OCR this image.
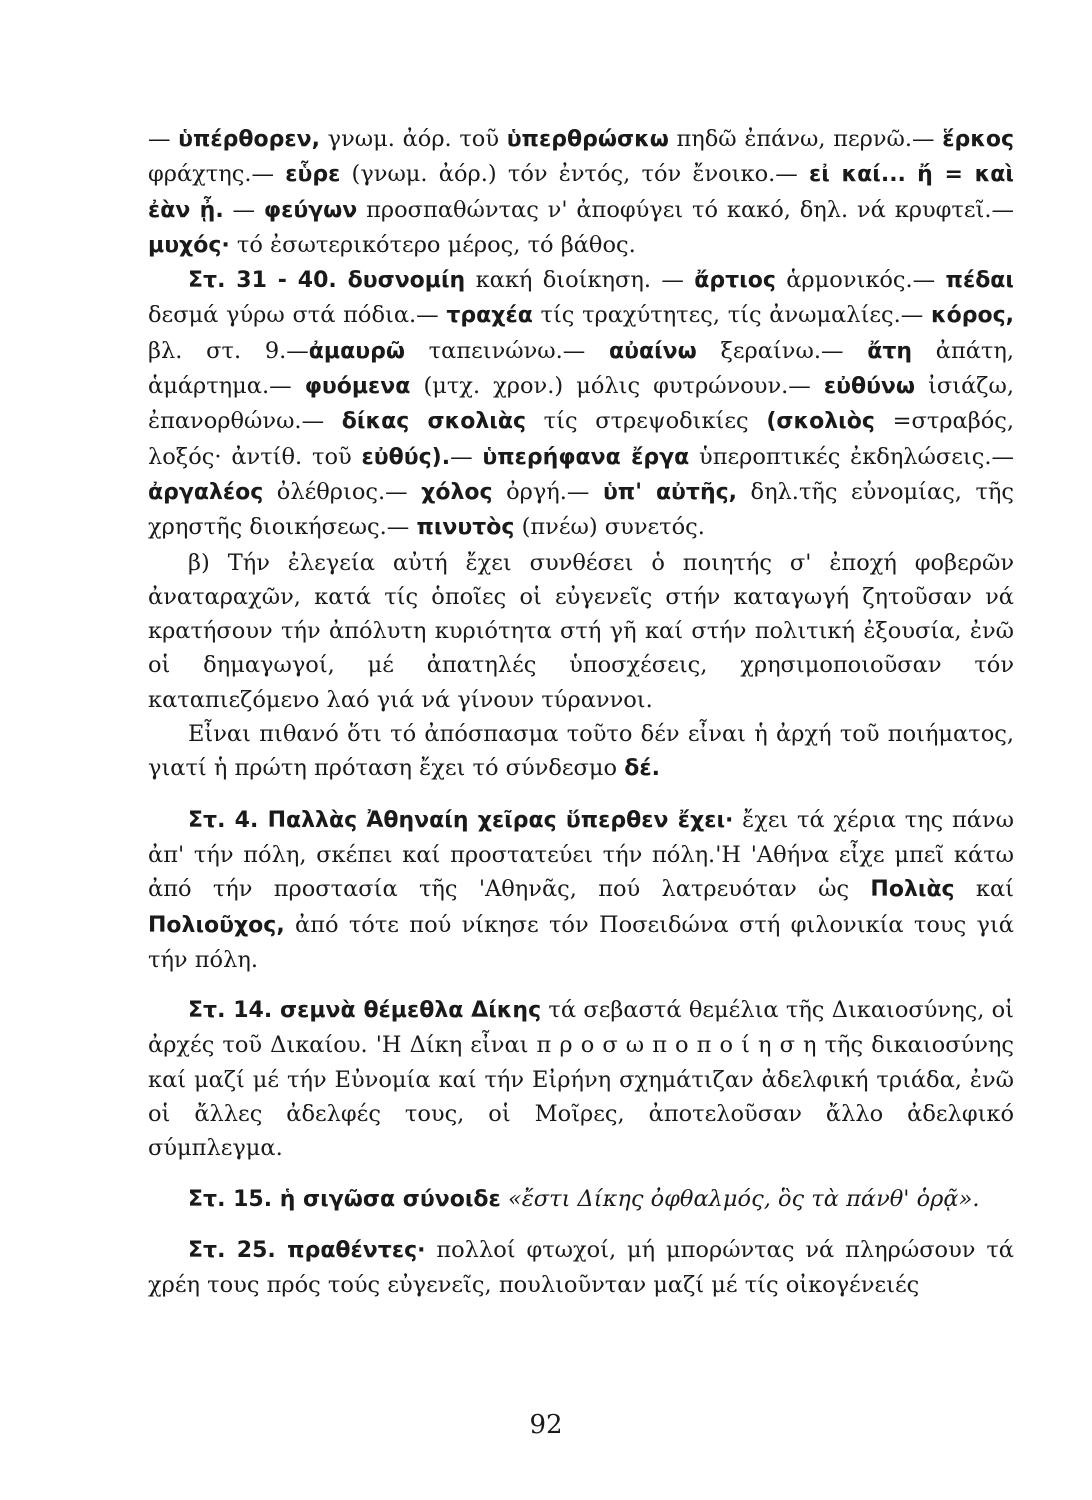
— ὑπέρθορεν, γνωμ. ἀόρ. τοῦ ὑπερθρώσκω πηδῶ ἐπάνω, περνῶ.— ἕρκος φράχτης.— εὗρε (γνωμ. ἀόρ.) τόν ἐντός, τόν ἔνοικο.— εἰ καί... ἤ = καὶ ἐὰν ᾖ. — φεύγων προσπαθώντας ν' ἀποφύγει τό κακό, δηλ. νά κρυφτεῖ.— μυχός· τό ἐσωτερικότερο μέρος, τό βάθος.

Στ. 31 - 40. δυσνομίη κακή διοίκηση. — ἄρτιος ἁρμονικός.— πέδαι δεσμά γύρω στά πόδια.— τραχέα τίς τραχύτητες, τίς ἀνωμαλίες.— κόρος, βλ. στ. 9.—ἀμαυρῶ ταπεινώνω.— αὐαίνω ξεραίνω.— ἄτη ἀπάτη, ἁμάρτημα.— φυόμενα (μτχ. χρον.) μόλις φυτρώνουν.— εὐθύνω ἰσιάζω, ἐπανορθώνω.— δίκας σκολιὰς τίς στρεψοδικίες (σκολιὸς =στραβός, λοξός· ἀντίθ. τοῦ εὐθύς).— ὑπερήφανα ἔργα ὑπεροπτικές ἐκδηλώσεις.— ἀργαλέος ὀλέθριος.— χόλος ὀργή.— ὑπ' αὐτῆς, δηλ.τῆς εὐνομίας, τῆς χρηστῆς διοικήσεως.— πινυτὸς (πνέω) συνετός.

β) Τήν ἐλεγεία αὐτή ἔχει συνθέσει ὁ ποιητής σ' ἐποχή φοβερῶν ἀναταραχῶν, κατά τίς ὁποῖες οἱ εὐγενεῖς στήν καταγωγή ζητοῦσαν νά κρατήσουν τήν ἀπόλυτη κυριότητα στή γῆ καί στήν πολιτική ἐξουσία, ἐνῶ οἱ δημαγωγοί, μέ ἀπατηλές ὑποσχέσεις, χρησιμοποιοῦσαν τόν καταπιεζόμενο λαό γιά νά γίνουν τύραννοι.

Εἶναι πιθανό ὅτι τό ἀπόσπασμα τοῦτο δέν εἶναι ἡ ἀρχή τοῦ ποιήματος, γιατί ἡ πρώτη πρόταση ἔχει τό σύνδεσμο δέ.

Στ. 4. Παλλὰς Ἀθηναίη χεῖρας ὕπερθεν ἔχει· ἔχει τά χέρια της πάνω ἀπ' τήν πόλη, σκέπει καί προστατεύει τήν πόλη.'Η 'Αθήνα εἶχε μπεῖ κάτω ἀπό τήν προστασία τῆς 'Αθηνᾶς, πού λατρευόταν ὡς Πολιὰς καί Πολιοῦχος, ἀπό τότε πού νίκησε τόν Ποσειδώνα στή φιλονικία τους γιά τήν πόλη.

Στ. 14. σεμνὰ θέμεθλα Δίκης τά σεβαστά θεμέλια τῆς Δικαιοσύνης, οἱ ἀρχές τοῦ Δικαίου. 'Η Δίκη εἶναι π ρ ο σ ω π ο π ο ί η σ η τῆς δικαιοσύνης καί μαζί μέ τήν Εὐνομία καί τήν Εἰρήνη σχημάτιζαν ἀδελφική τριάδα, ἐνῶ οἱ ἄλλες ἀδελφές τους, οἱ Μοῖρες, ἀποτελοῦσαν ἄλλο ἀδελφικό σύμπλεγμα.

Στ. 15. ἡ σιγῶσα σύνοιδε «ἔστι Δίκης ὀφθαλμός, ὃς τὰ πάνθ' ὁρᾷ».

Στ. 25. πραθέντες· πολλοί φτωχοί, μή μπορώντας νά πληρώσουν τά χρέη τους πρός τούς εὐγενεῖς, πουλιοῦνταν μαζί μέ τίς οἰκογένειές

92
